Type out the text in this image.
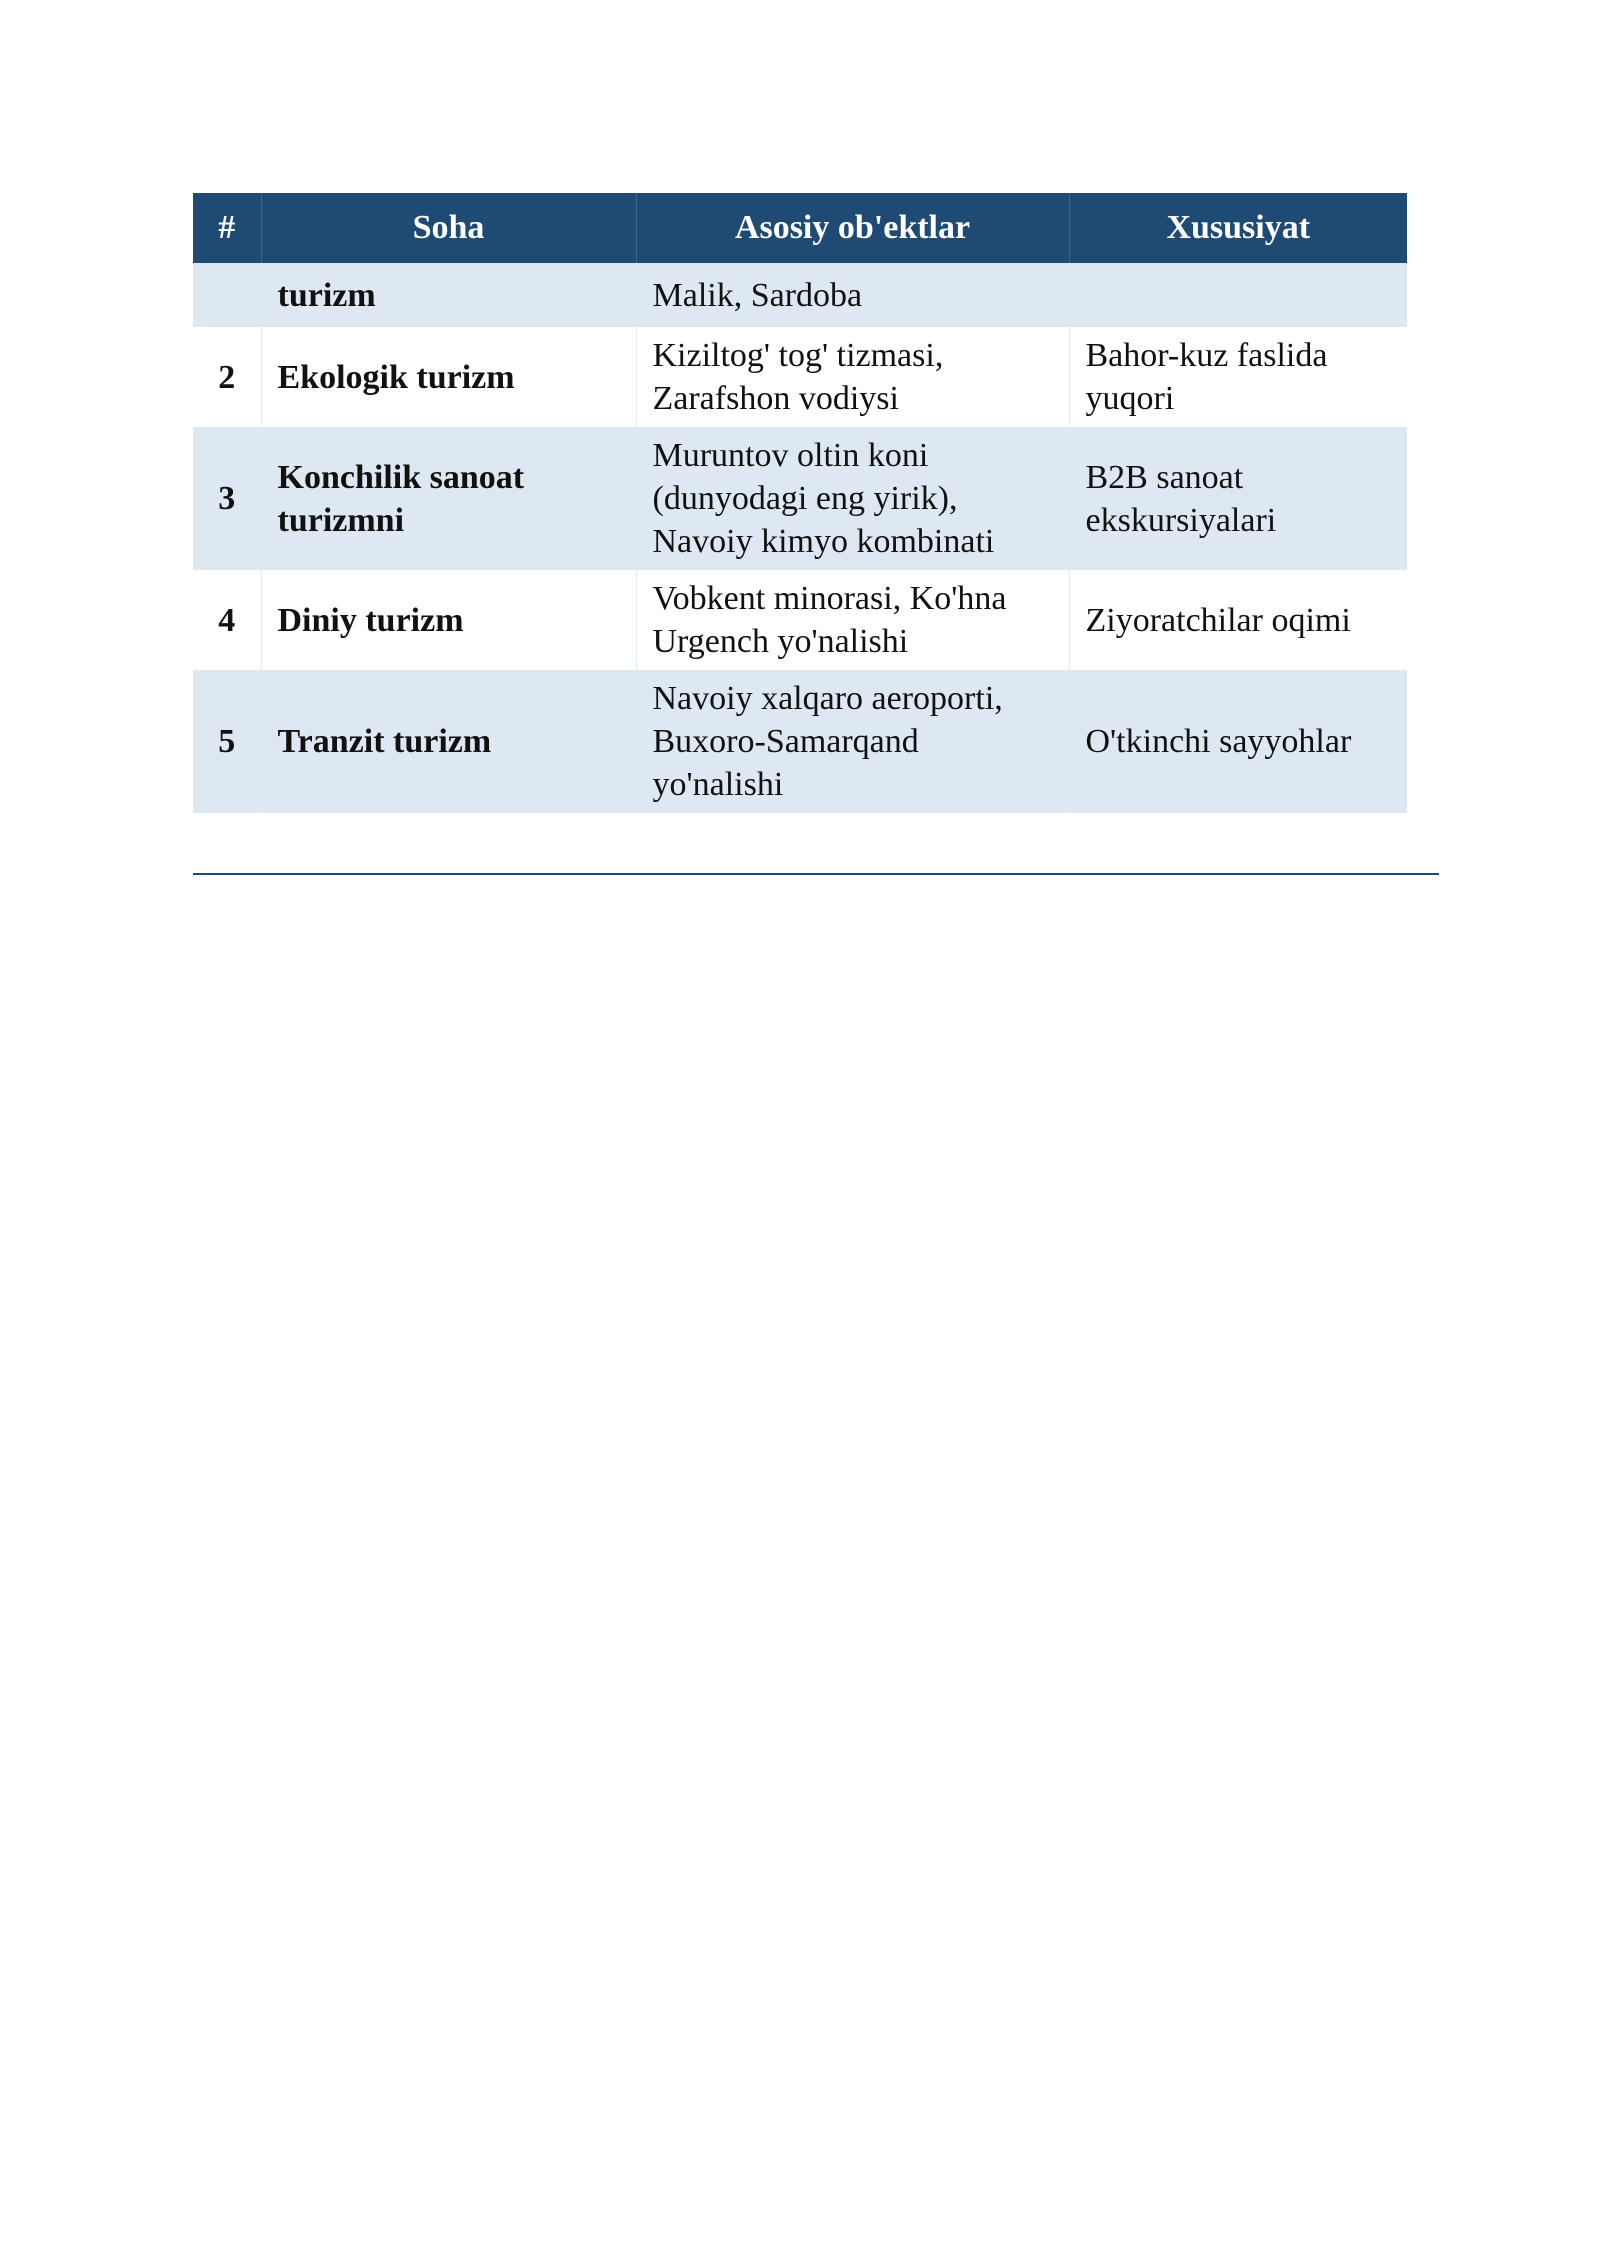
#	Soha	Asosiy ob'ektlar	Xususiyat
	turizm	Malik, Sardoba	
2	Ekologik turizm	Kiziltog' tog' tizmasi, Zarafshon vodiysi	Bahor-kuz faslida yuqori
3	Konchilik sanoat turizmni	Muruntov oltin koni (dunyodagi eng yirik), Navoiy kimyo kombinati	B2B sanoat ekskursiyalari
4	Diniy turizm	Vobkent minorasi, Ko'hna Urgench yo'nalishi	Ziyoratchilar oqimi
5	Tranzit turizm	Navoiy xalqaro aeroporti, Buxoro-Samarqand yo'nalishi	O'tkinchi sayyohlar
